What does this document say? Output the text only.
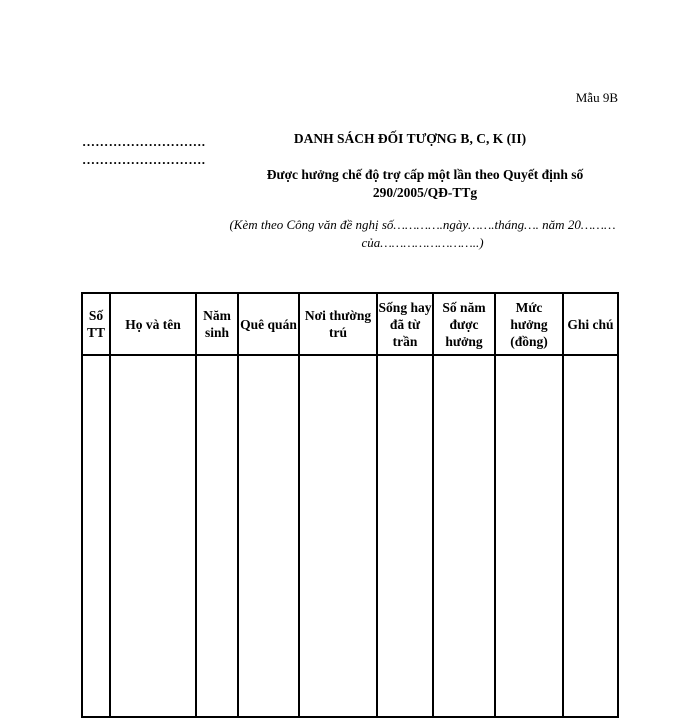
Mẫu 9B
……………………….
……………………….
DANH SÁCH ĐỐI TƯỢNG B, C, K (II)
Được hưởng chế độ trợ cấp một lần theo Quyết định số 290/2005/QĐ-TTg
(Kèm theo Công văn đề nghị số………….ngày…….tháng…. năm 20………của……………………..)
Số TT	Họ và tên	Năm sinh	Quê quán	Nơi thường trú	Sống hay đã từ trần	Số năm được hưởng	Mức hưởng (đồng)	Ghi chú
